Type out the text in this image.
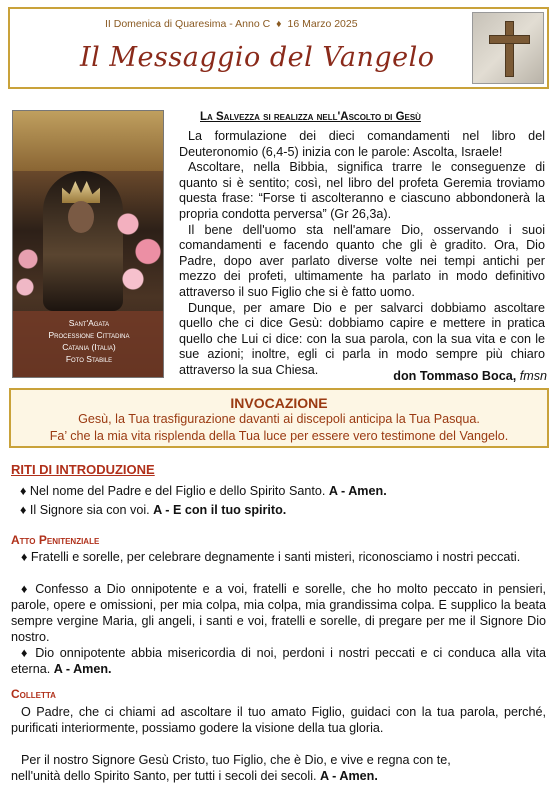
II Domenica di Quaresima - Anno C ♦ 16 Marzo 2025
Il Messaggio del Vangelo
Sant'Agata
Processione Cittadina
Catania (Italia)
Foto Stabile
La Salvezza si realizza nell'Ascolto di Gesù

La formulazione dei dieci comandamenti nel libro del Deuteronomio (6,4-5) inizia con le parole: Ascolta, Israele!

Ascoltare, nella Bibbia, significa trarre le conseguenze di quanto si è sentito; così, nel libro del profeta Geremia troviamo questa frase: “Forse ti ascolteranno e ciascuno abbondonerà la propria condotta perversa” (Gr 26,3a).

Il bene dell'uomo sta nell'amare Dio, osservando i suoi comandamenti e facendo quanto che gli è gradito. Ora, Dio Padre, dopo aver parlato diverse volte nei tempi antichi per mezzo dei profeti, ultimamente ha parlato in modo definitivo attraverso il suo Figlio che si è fatto uomo.

Dunque, per amare Dio e per salvarci dobbiamo ascoltare quello che ci dice Gesù: dobbiamo capire e mettere in pratica quello che Lui ci dice: con la sua parola, con la sua vita e con le sue azioni; inoltre, egli ci parla in modo sempre più chiaro attraverso la sua Chiesa.	don Tommaso Boca, fmsn
INVOCAZIONE
Gesù, la Tua trasfigurazione davanti ai discepoli anticipa la Tua Pasqua.
Fa’ che la mia vita risplenda della Tua luce per essere vero testimone del Vangelo.
RITI DI INTRODUZIONE
♦ Nel nome del Padre e del Figlio e dello Spirito Santo. A - Amen.
♦ Il Signore sia con voi. A - E con il tuo spirito.
Atto Penitenziale
♦ Fratelli e sorelle, per celebrare degnamente i santi misteri, riconosciamo i nostri peccati.
♦ Confesso a Dio onnipotente e a voi, fratelli e sorelle, che ho molto peccato in pensieri, parole, opere e omissioni, per mia colpa, mia colpa, mia grandissima colpa. E supplico la beata sempre vergine Maria, gli angeli, i santi e voi, fratelli e sorelle, di pregare per me il Signore Dio nostro.
♦ Dio onnipotente abbia misericordia di noi, perdoni i nostri peccati e ci conduca alla vita eterna. A - Amen.
Colletta
O Padre, che ci chiami ad ascoltare il tuo amato Figlio, guidaci con la tua parola, perché, purificati interiormente, possiamo godere la visione della tua gloria.
Per il nostro Signore Gesù Cristo, tuo Figlio, che è Dio, e vive e regna con te,
nell'unità dello Spirito Santo, per tutti i secoli dei secoli. A - Amen.
